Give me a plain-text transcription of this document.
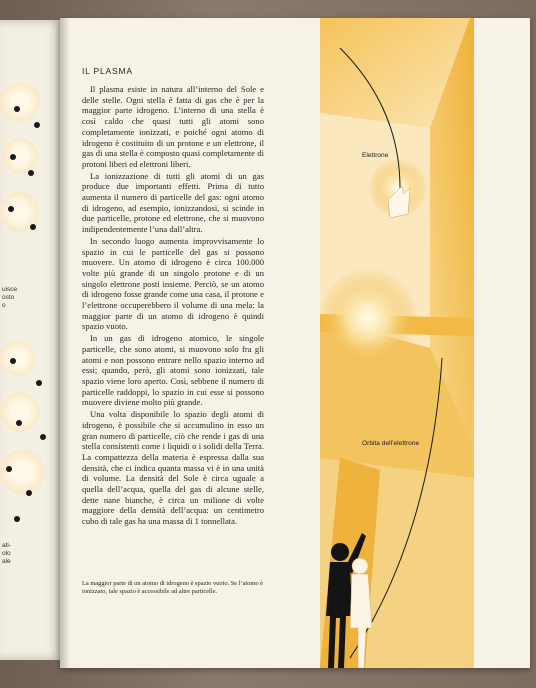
uisce
osto
o
ati-
olo
ale
IL PLASMA

Il plasma esiste in natura all’interno del Sole e delle stelle. Ogni stella è fatta di gas che è per la maggior parte idrogeno. L’interno di una stella è così caldo che quasi tutti gli atomi sono completamente ionizzati, e poiché ogni atomo di idrogeno è costituito di un protone e un elettrone, il gas di una stella è composto quasi completamente di protoni liberi ed elettroni liberi.

La ionizzazione di tutti gli atomi di un gas produce due importanti effetti. Prima di tutto aumenta il numero di particelle del gas: ogni atomo di idrogeno, ad esempio, ionizzandosi, si scinde in due particelle, protone ed elettrone, che si muovono indipendentemente l’una dall’altra.

In secondo luogo aumenta improvvisamente lo spazio in cui le particelle del gas si possono muovere. Un atomo di idrogeno è circa 100.000 volte più grande di un singolo protone e di un singolo elettrone posti insieme. Perciò, se un atomo di idrogeno fosse grande come una casa, il protone e l’elettrone occuperebbero il volume di una mela: la maggior parte di un atomo di idrogeno è quindi spazio vuoto.

In un gas di idrogeno atomico, le singole particelle, che sono atomi, si muovono solo fra gli atomi e non possono entrare nello spazio interno ad essi; quando, però, gli atomi sono ionizzati, tale spazio viene loro aperto. Così, sebbene il numero di particelle raddoppi, lo spazio in cui esse si possono muovere diviene molto più grande.

Una volta disponibile lo spazio degli atomi di idrogeno, è possibile che si accumulino in esso un gran numero di particelle, ciò che rende i gas di una stella consistenti come i liquidi o i solidi della Terra. La compattezza della materia è espressa dalla sua densità, che ci indica quanta massa vi è in una unità di volume. La densità del Sole è circa uguale a quella dell’acqua, quella del gas di alcune stelle, dette nane bianche, è circa un milione di volte maggiore della densità dell’acqua: un centimetro cubo di tale gas ha una massa di 1 tonnellata.

La maggior parte di un atomo di idrogeno è spazio vuoto. Se l’atomo è ionizzato, tale spazio è accessibile ad altre particelle.
Elettrone
Orbita dell’elettrone
